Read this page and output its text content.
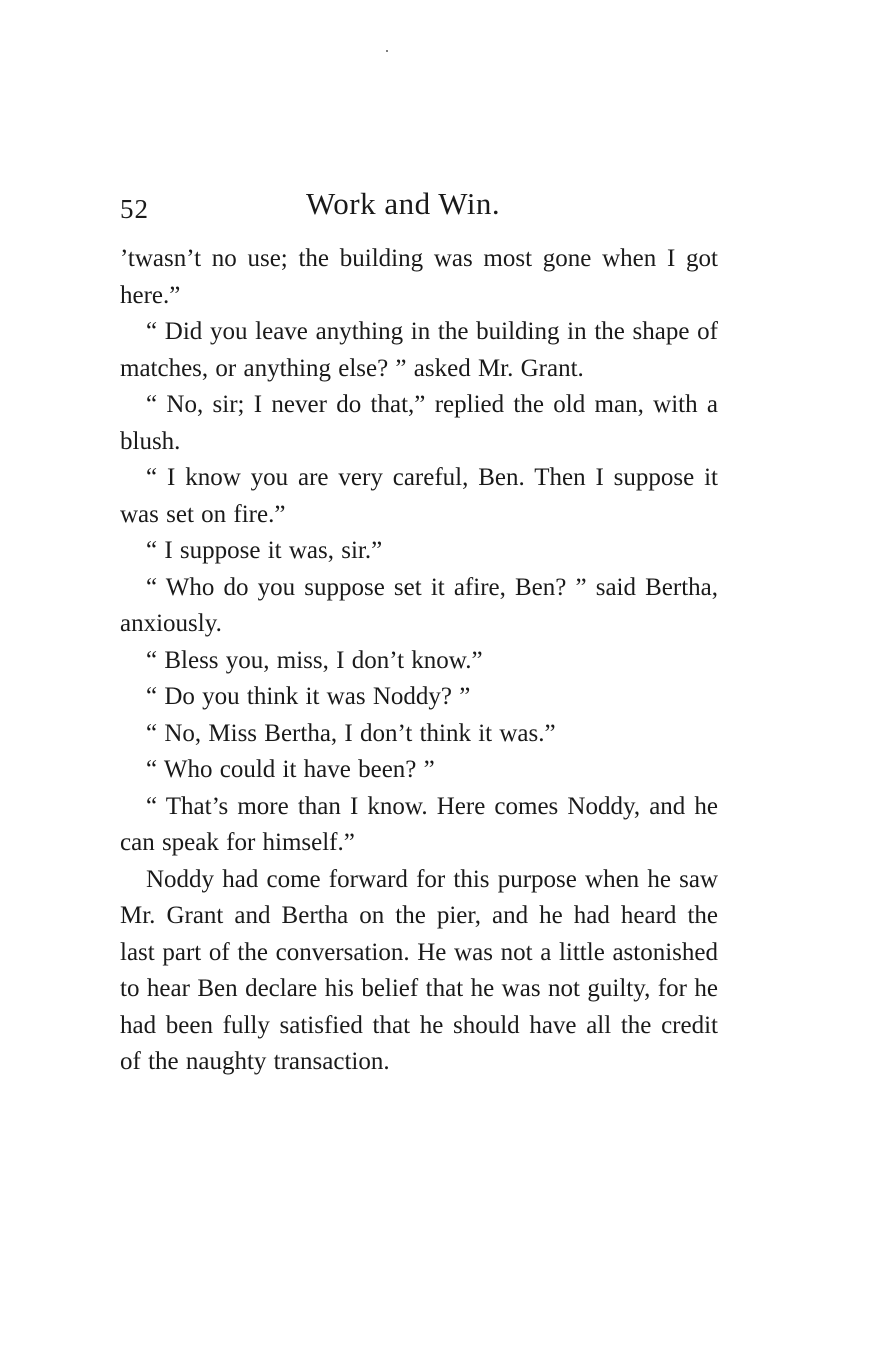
52	Work and Win.

’twasn’t no use; the building was most gone when I got here.”

“ Did you leave anything in the building in the shape of matches, or anything else? ” asked Mr. Grant.

“ No, sir; I never do that,” replied the old man, with a blush.

“ I know you are very careful, Ben. Then I suppose it was set on fire.”

“ I suppose it was, sir.”

“ Who do you suppose set it afire, Ben? ” said Bertha, anxiously.

“ Bless you, miss, I don’t know.”

“ Do you think it was Noddy? ”

“ No, Miss Bertha, I don’t think it was.”

“ Who could it have been? ”

“ That’s more than I know. Here comes Noddy, and he can speak for himself.”

Noddy had come forward for this purpose when he saw Mr. Grant and Bertha on the pier, and he had heard the last part of the conversation. He was not a little astonished to hear Ben declare his belief that he was not guilty, for he had been fully satisfied that he should have all the credit of the naughty transaction.
